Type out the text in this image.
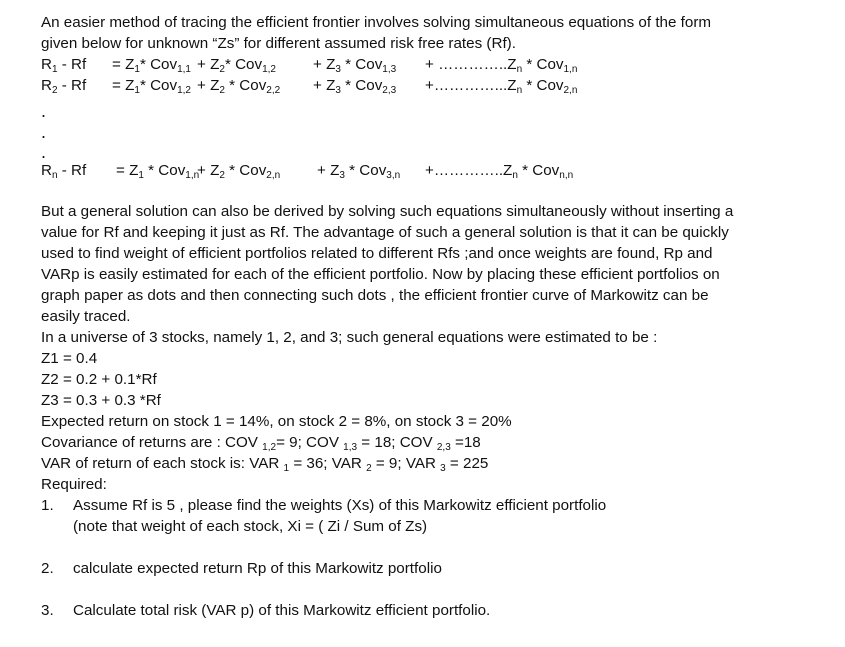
An easier method of tracing the efficient frontier involves solving simultaneous equations of the form
given below for unknown “Zs” for different assumed risk free rates (Rf).
$R_1 - Rf = Z_1*$ $Cov_{1,1} + Z_2*$ $Cov_{1,2} + Z_3 * Cov_{1,3}$ + $\dots\dots\dots\dots..Z_n * Cov_{1,n}$
$R_2 - Rf = Z_1*$ $Cov_{1,2} + Z_2 * Cov_{2,2} + Z_3 * Cov_{2,3}$ $+\dots\dots\dots\dots...Z_n * Cov_{2,n}$
.
.
.
$R_n - Rf = Z_1 * Cov_{1,n}$
+ $Z_2 * Cov_{2,n} + Z_3 * Cov_{3,n}$ $+\dots\dots\dots\dots..Z_n * Cov_{n,n}$
But a general solution can also be derived by solving such equations simultaneously without inserting a
value for Rf and keeping it just as Rf. The advantage of such a general solution is that it can be quickly
used to find weight of efficient portfolios related to different Rfs ;and once weights are found, Rp and
VARp is easily estimated for each of the efficient portfolio. Now by placing these efficient portfolios on
graph paper as dots and then connecting such dots , the efficient frontier curve of Markowitz can be
easily traced.
In a universe of 3 stocks, namely 1, 2, and 3; such general equations were estimated to be :
Z1 = 0.4
Z2 = 0.2 + 0.1*Rf
Z3 = 0.3 + 0.3 *Rf
Expected return on stock 1 = 14%, on stock 2 = 8%, on stock 3 = 20%
Covariance of returns are : COV $_{1,2}$= 9; COV $_{1,3}$ = 18; COV $_{2,3}$ =18
VAR of return of each stock is: VAR $_1$ = 36; VAR $_2$ = 9; VAR $_3$ = 225
Required:
1. Assume Rf is 5 , please find the weights (Xs) of this Markowitz efficient portfolio
(note that weight of each stock, Xi = ( Zi / Sum of Zs)
2. calculate expected return Rp of this Markowitz portfolio
3. Calculate total risk (VAR p) of this Markowitz efficient portfolio.
